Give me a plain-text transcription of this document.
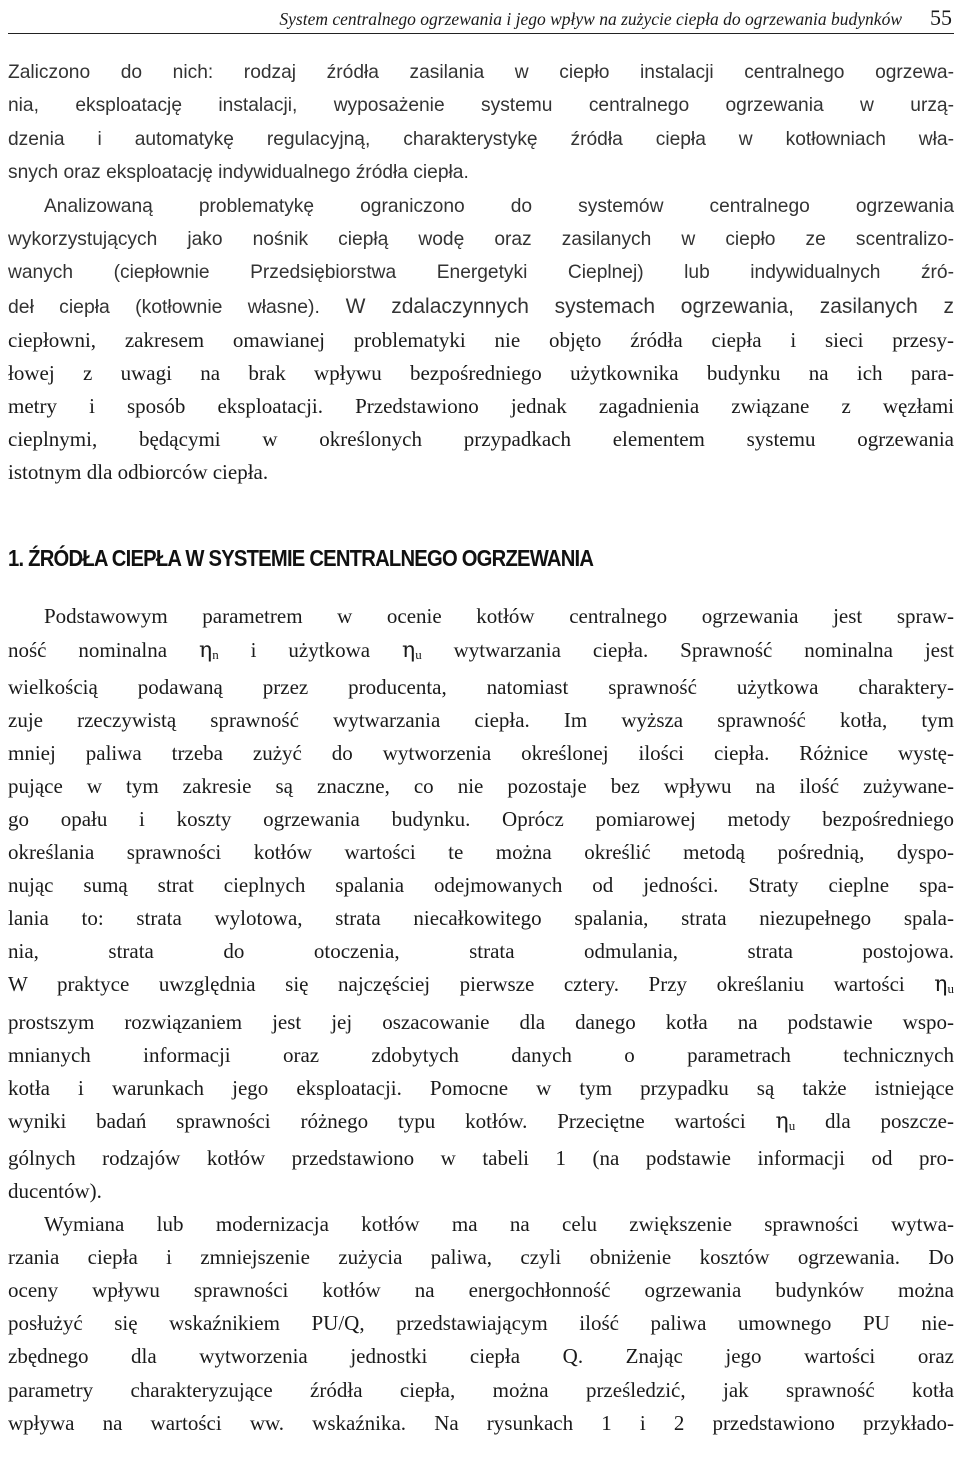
System centralnego ogrzewania i jego wpływ na zużycie ciepła do ogrzewania budynków 55

Zaliczono do nich: rodzaj źródła zasilania w ciepło instalacji centralnego ogrzewa-
nia, eksploatację instalacji, wyposażenie systemu centralnego ogrzewania w urzą-
dzenia i automatykę regulacyjną, charakterystykę źródła ciepła w kotłowniach wła-
snych oraz eksploatację indywidualnego źródła ciepła.

Analizowaną problematykę ograniczono do systemów centralnego ogrzewania
wykorzystujących jako nośnik ciepłą wodę oraz zasilanych w ciepło ze scentralizo-
wanych (ciepłownie Przedsiębiorstwa Energetyki Cieplnej) lub indywidualnych źró-
deł ciepła (kotłownie własne). W zdalaczynnych systemach ogrzewania, zasilanych z

ciepłowni, zakresem omawianej problematyki nie objęto źródła ciepła i sieci przesy-
łowej z uwagi na brak wpływu bezpośredniego użytkownika budynku na ich para-
metry i sposób eksploatacji. Przedstawiono jednak zagadnienia związane z węzłami
cieplnymi, będącymi w określonych przypadkach elementem systemu ogrzewania
istotnym dla odbiorców ciepła.

1. ŹRÓDŁA CIEPŁA W SYSTEMIE CENTRALNEGO OGRZEWANIA

Podstawowym parametrem w ocenie kotłów centralnego ogrzewania jest spraw-
ność nominalna $\eta_n$ i użytkowa $\eta_u$ wytwarzania ciepła. Sprawność nominalna jest
wielkością podawaną przez producenta, natomiast sprawność użytkowa charaktery-
zuje rzeczywistą sprawność wytwarzania ciepła. Im wyższa sprawność kotła, tym
mniej paliwa trzeba zużyć do wytworzenia określonej ilości ciepła. Różnice wystę-
pujące w tym zakresie są znaczne, co nie pozostaje bez wpływu na ilość zużywane-
go opału i koszty ogrzewania budynku. Oprócz pomiarowej metody bezpośredniego
określania sprawności kotłów wartości te można określić metodą pośrednią, dyspo-
nując sumą strat cieplnych spalania odejmowanych od jedności. Straty cieplne spa-
lania to: strata wylotowa, strata niecałkowitego spalania, strata niezupełnego spala-
nia, strata do otoczenia, strata odmulania, strata postojowa.
W praktyce uwzględnia się najczęściej pierwsze cztery. Przy określaniu wartości $\eta_u$
prostszym rozwiązaniem jest jej oszacowanie dla danego kotła na podstawie wspo-
mnianych informacji oraz zdobytych danych o parametrach technicznych
kotła i warunkach jego eksploatacji. Pomocne w tym przypadku są także istniejące
wyniki badań sprawności różnego typu kotłów. Przeciętne wartości $\eta_u$ dla poszcze-
gólnych rodzajów kotłów przedstawiono w tabeli 1 (na podstawie informacji od pro-
ducentów).

Wymiana lub modernizacja kotłów ma na celu zwiększenie sprawności wytwa-
rzania ciepła i zmniejszenie zużycia paliwa, czyli obniżenie kosztów ogrzewania. Do
oceny wpływu sprawności kotłów na energochłonność ogrzewania budynków można
posłużyć się wskaźnikiem PU/Q, przedstawiającym ilość paliwa umownego PU nie-
zbędnego dla wytworzenia jednostki ciepła Q. Znając jego wartości oraz
parametry charakteryzujące źródła ciepła, można prześledzić, jak sprawność kotła
wpływa na wartości ww. wskaźnika. Na rysunkach 1 i 2 przedstawiono przykłado-
